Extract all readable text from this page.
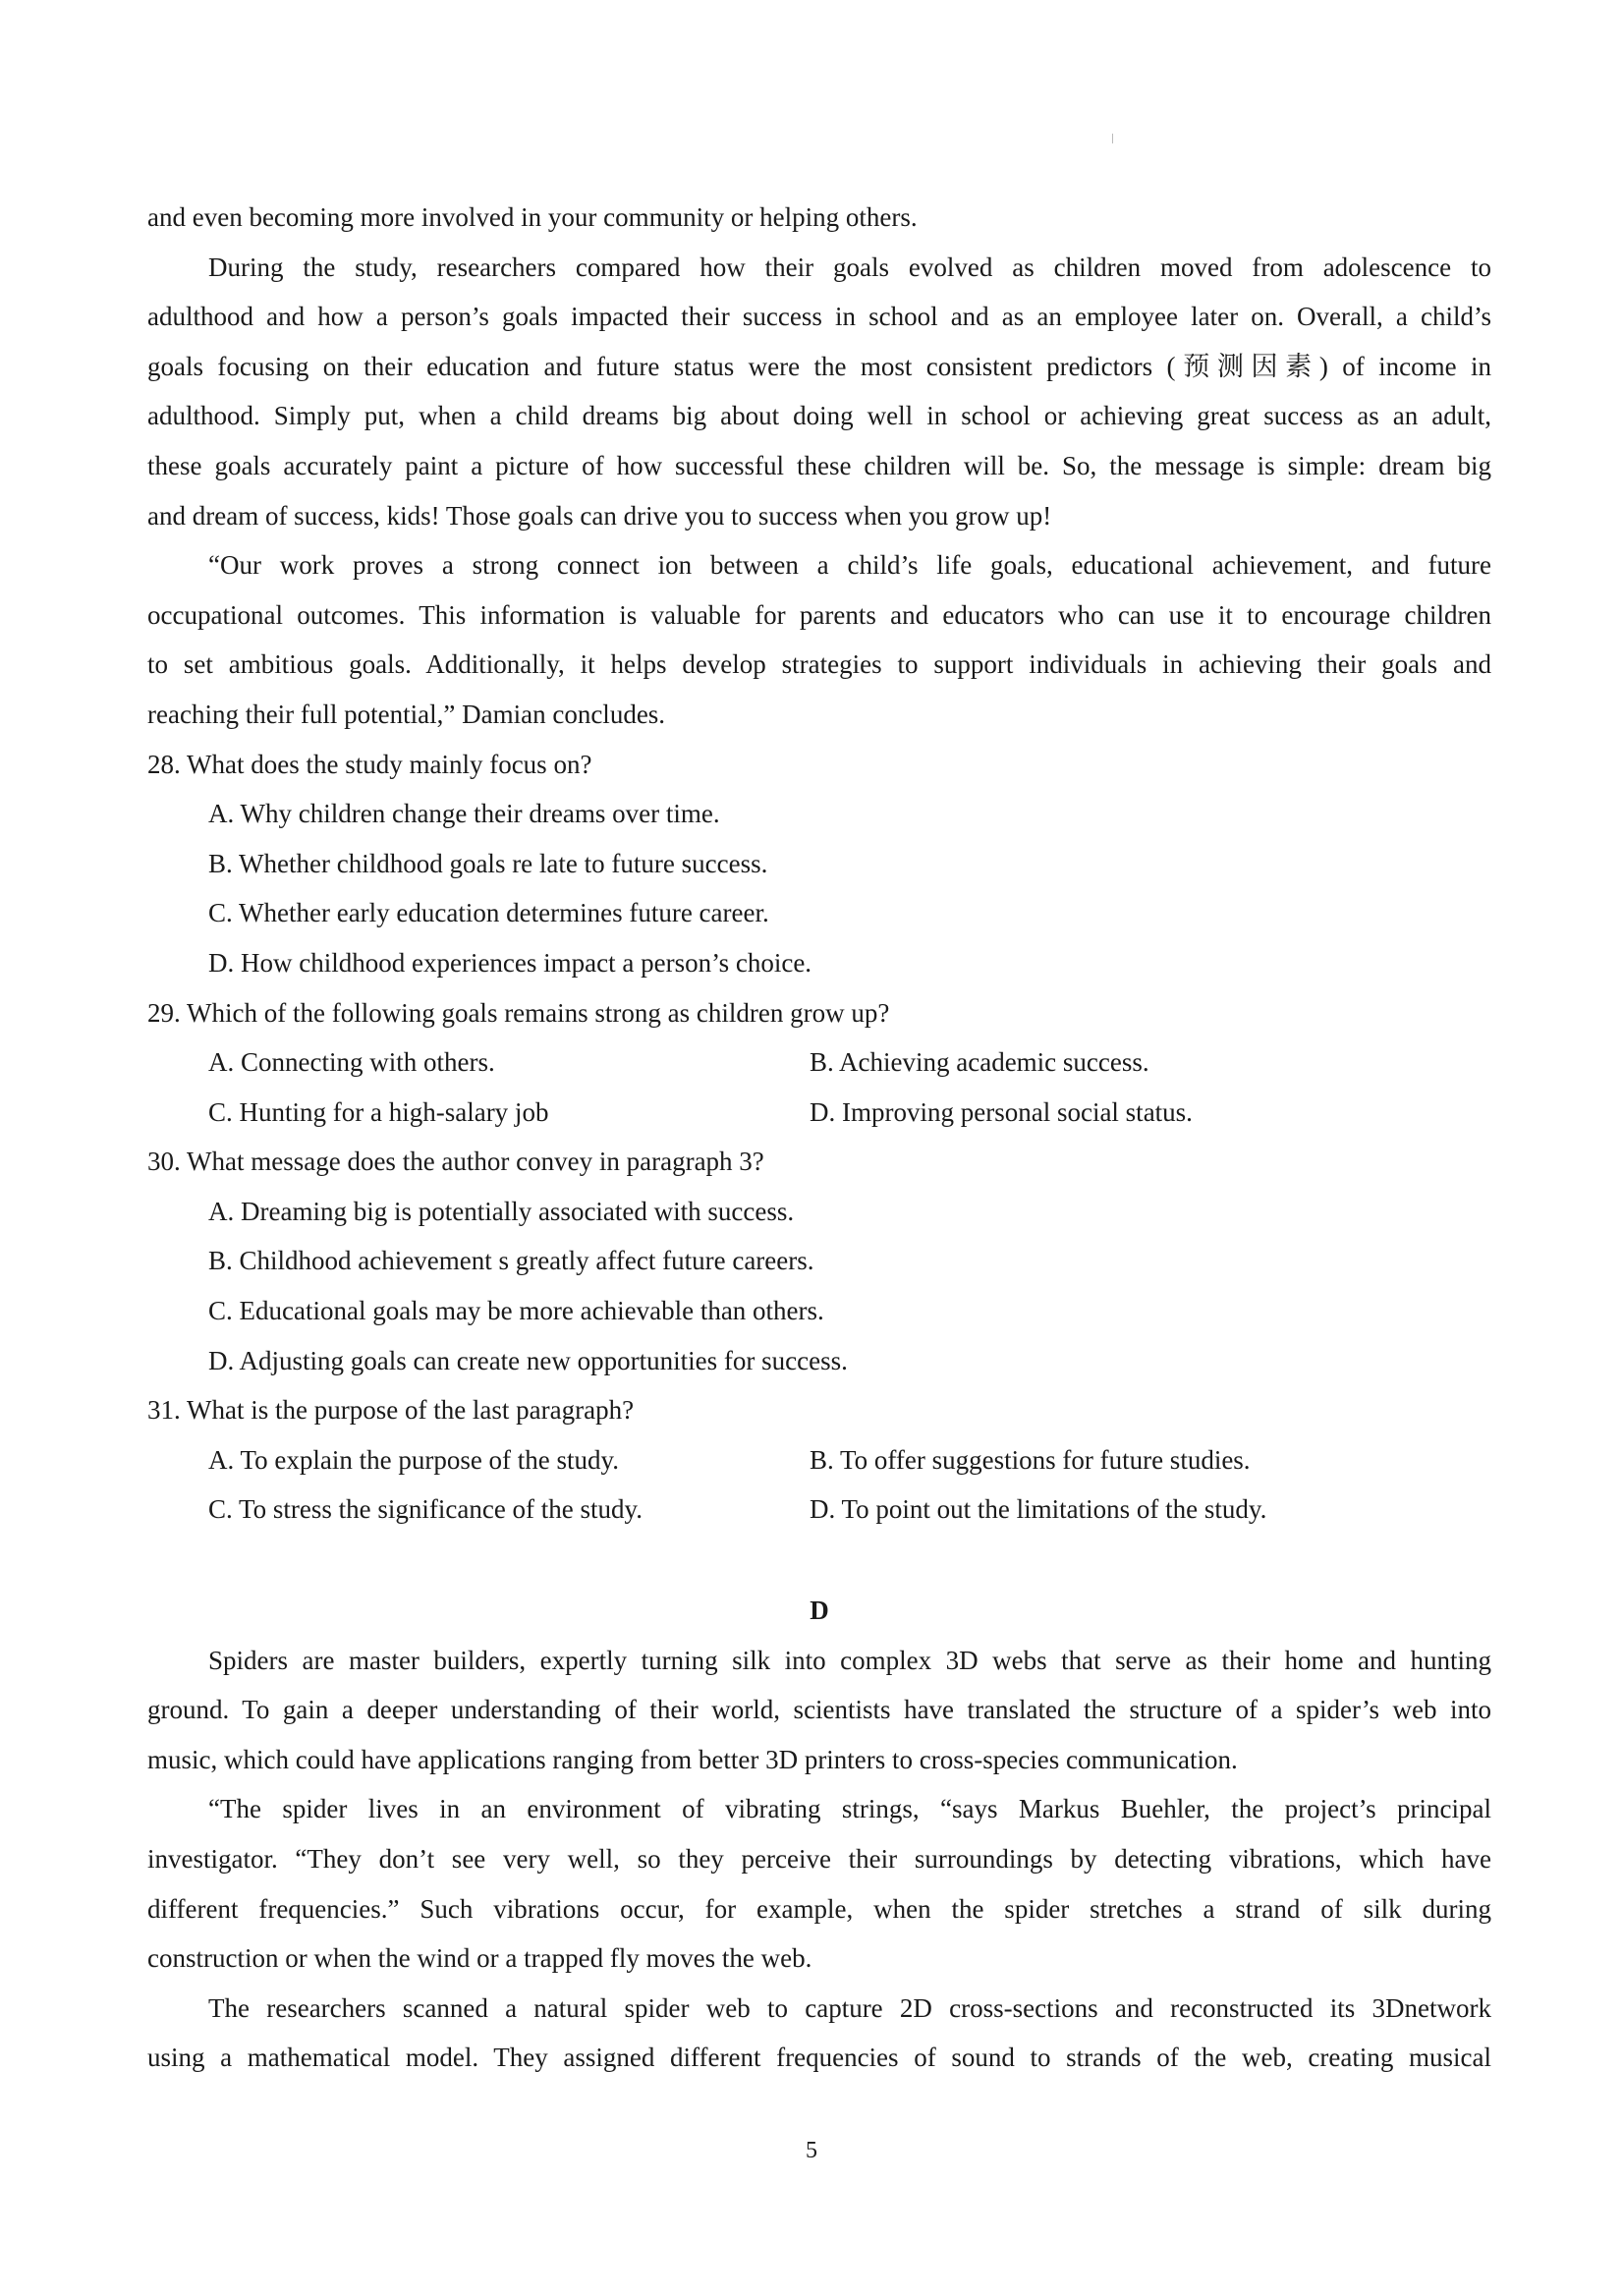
and even becoming more involved in your community or helping others.
During the study, researchers compared how their goals evolved as children moved from adolescence to
adulthood and how a person’s goals impacted their success in school and as an employee later on. Overall, a child’s
goals focusing on their education and future status were the most consistent predictors (预测因素) of income in
adulthood. Simply put, when a child dreams big about doing well in school or achieving great success as an adult,
these goals accurately paint a picture of how successful these children will be. So, the message is simple: dream big
and dream of success, kids! Those goals can drive you to success when you grow up!
“Our work proves a strong connect ion between a child’s life goals, educational achievement, and future
occupational outcomes. This information is valuable for parents and educators who can use it to encourage children
to set ambitious goals. Additionally, it helps develop strategies to support individuals in achieving their goals and
reaching their full potential,” Damian concludes.
28. What does the study mainly focus on?
A. Why children change their dreams over time.
B. Whether childhood goals re late to future success.
C. Whether early education determines future career.
D. How childhood experiences impact a person’s choice.
29. Which of the following goals remains strong as children grow up?
A. Connecting with others.	B. Achieving academic success.
C. Hunting for a high-salary job	D. Improving personal social status.
30. What message does the author convey in paragraph 3?
A. Dreaming big is potentially associated with success.
B. Childhood achievement s greatly affect future careers.
C. Educational goals may be more achievable than others.
D. Adjusting goals can create new opportunities for success.
31. What is the purpose of the last paragraph?
A. To explain the purpose of the study.	B. To offer suggestions for future studies.
C. To stress the significance of the study.	D. To point out the limitations of the study.
D
Spiders are master builders, expertly turning silk into complex 3D webs that serve as their home and hunting
ground. To gain a deeper understanding of their world, scientists have translated the structure of a spider’s web into
music, which could have applications ranging from better 3D printers to cross-species communication.
“The spider lives in an environment of vibrating strings, “says Markus Buehler, the project’s principal
investigator. “They don’t see very well, so they perceive their surroundings by detecting vibrations, which have
different frequencies.” Such vibrations occur, for example, when the spider stretches a strand of silk during
construction or when the wind or a trapped fly moves the web.
The researchers scanned a natural spider web to capture 2D cross-sections and reconstructed its 3Dnetwork
using a mathematical model. They assigned different frequencies of sound to strands of the web, creating musical
5
